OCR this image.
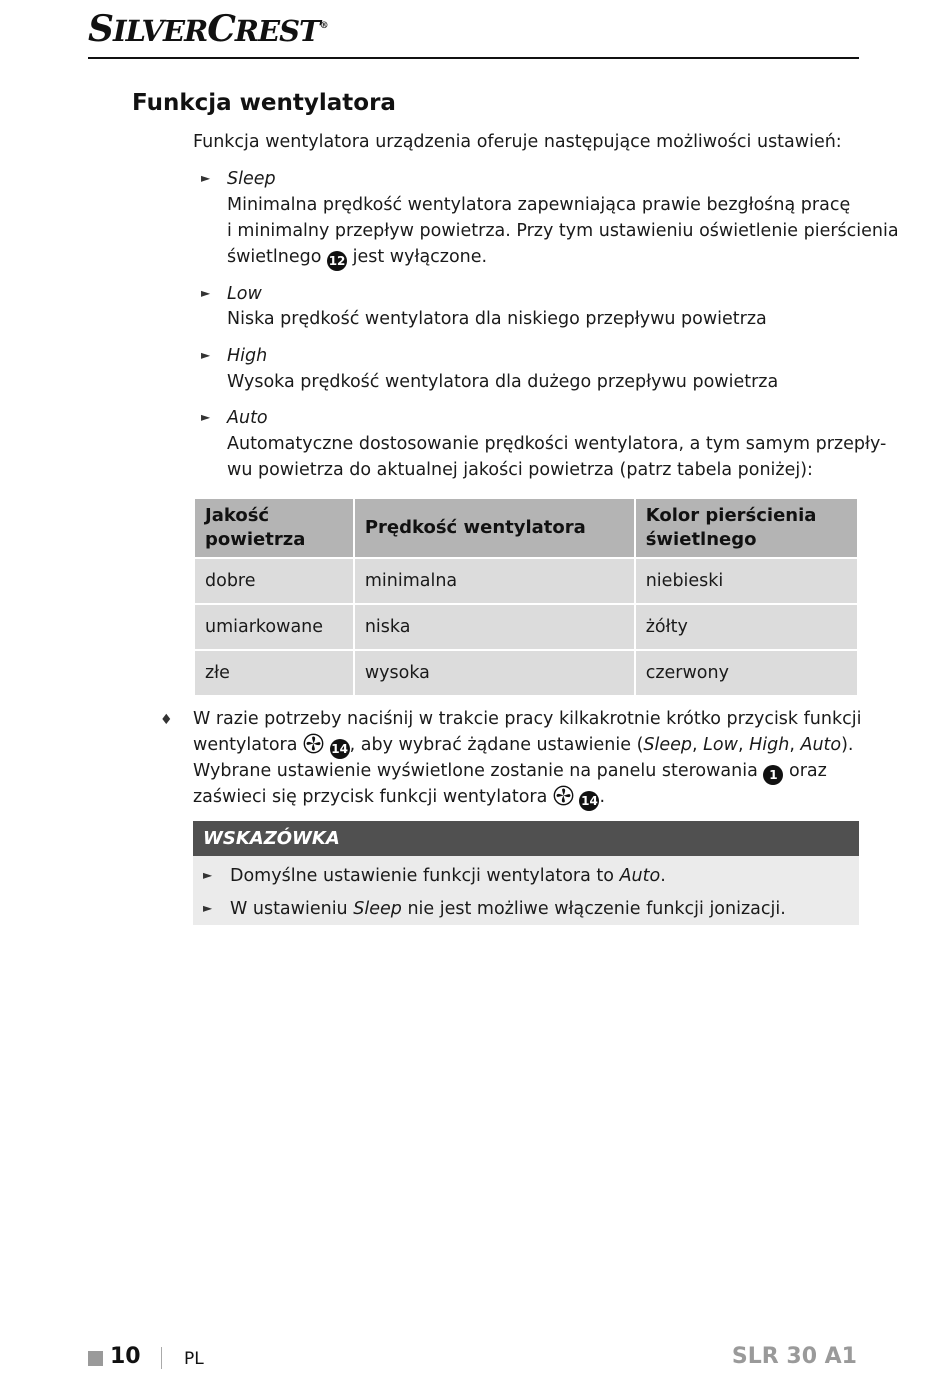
SILVERCREST®
Funkcja wentylatora
Funkcja wentylatora urządzenia oferuje następujące możliwości ustawień:
► Sleep
Minimalna prędkość wentylatora zapewniająca prawie bezgłośną pracę
i minimalny przepływ powietrza. Przy tym ustawieniu oświetlenie pierścienia
świetlnego 12 jest wyłączone.
► Low
Niska prędkość wentylatora dla niskiego przepływu powietrza
► High
Wysoka prędkość wentylatora dla dużego przepływu powietrza
► Auto
Automatyczne dostosowanie prędkości wentylatora, a tym samym przepły-
wu powietrza do aktualnej jakości powietrza (patrz tabela poniżej):
Jakość powietrza	Prędkość wentylatora	Kolor pierścienia świetlnego
dobre	minimalna	niebieski
umiarkowane	niska	żółty
złe	wysoka	czerwony
♦ W razie potrzeby naciśnij w trakcie pracy kilkakrotnie krótko przycisk funkcji
wentylatora	14, aby wybrać żądane ustawienie (Sleep, Low, High, Auto).
Wybrane ustawienie wyświetlone zostanie na panelu sterowania 1 oraz
zaświeci się przycisk funkcji wentylatora	14.
WSKAZÓWKA
► Domyślne ustawienie funkcji wentylatora to Auto.
► W ustawieniu Sleep nie jest możliwe włączenie funkcji jonizacji.
10	PL	SLR 30 A1
